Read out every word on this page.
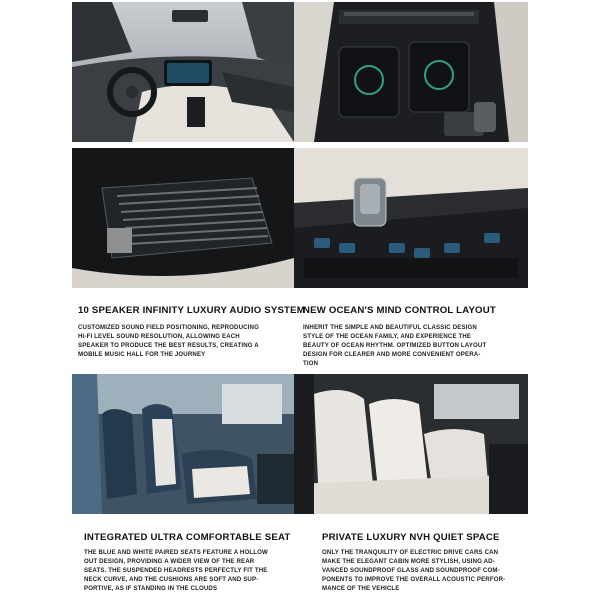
10 SPEAKER INFINITY LUXURY AUDIO SYSTEM
CUSTOMIZED SOUND FIELD POSITIONING, REPRODUCING
HI-FI LEVEL SOUND RESOLUTION, ALLOWING EACH
SPEAKER TO PRODUCE THE BEST RESULTS, CREATING A
MOBILE MUSIC HALL FOR THE JOURNEY
NEW OCEAN'S MIND CONTROL LAYOUT
INHERIT THE SIMPLE AND BEAUTIFUL CLASSIC DESIGN
STYLE OF THE OCEAN FAMILY, AND EXPERIENCE THE
BEAUTY OF OCEAN RHYTHM. OPTIMIZED BUTTON LAYOUT
DESIGN FOR CLEARER AND MORE CONVENIENT OPERA-
TION
INTEGRATED ULTRA COMFORTABLE SEAT
THE BLUE AND WHITE PAIRED SEATS FEATURE A HOLLOW
OUT DESIGN, PROVIDING A WIDER VIEW OF THE REAR
SEATS. THE SUSPENDED HEADRESTS PERFECTLY FIT THE
NECK CURVE, AND THE CUSHIONS ARE SOFT AND SUP-
PORTIVE, AS IF STANDING IN THE CLOUDS
PRIVATE LUXURY NVH QUIET SPACE
ONLY THE TRANQUILITY OF ELECTRIC DRIVE CARS CAN
MAKE THE ELEGANT CABIN MORE STYLISH, USING AD-
VANCED SOUNDPROOF GLASS AND SOUNDPROOF COM-
PONENTS TO IMPROVE THE OVERALL ACOUSTIC PERFOR-
MANCE OF THE VEHICLE
